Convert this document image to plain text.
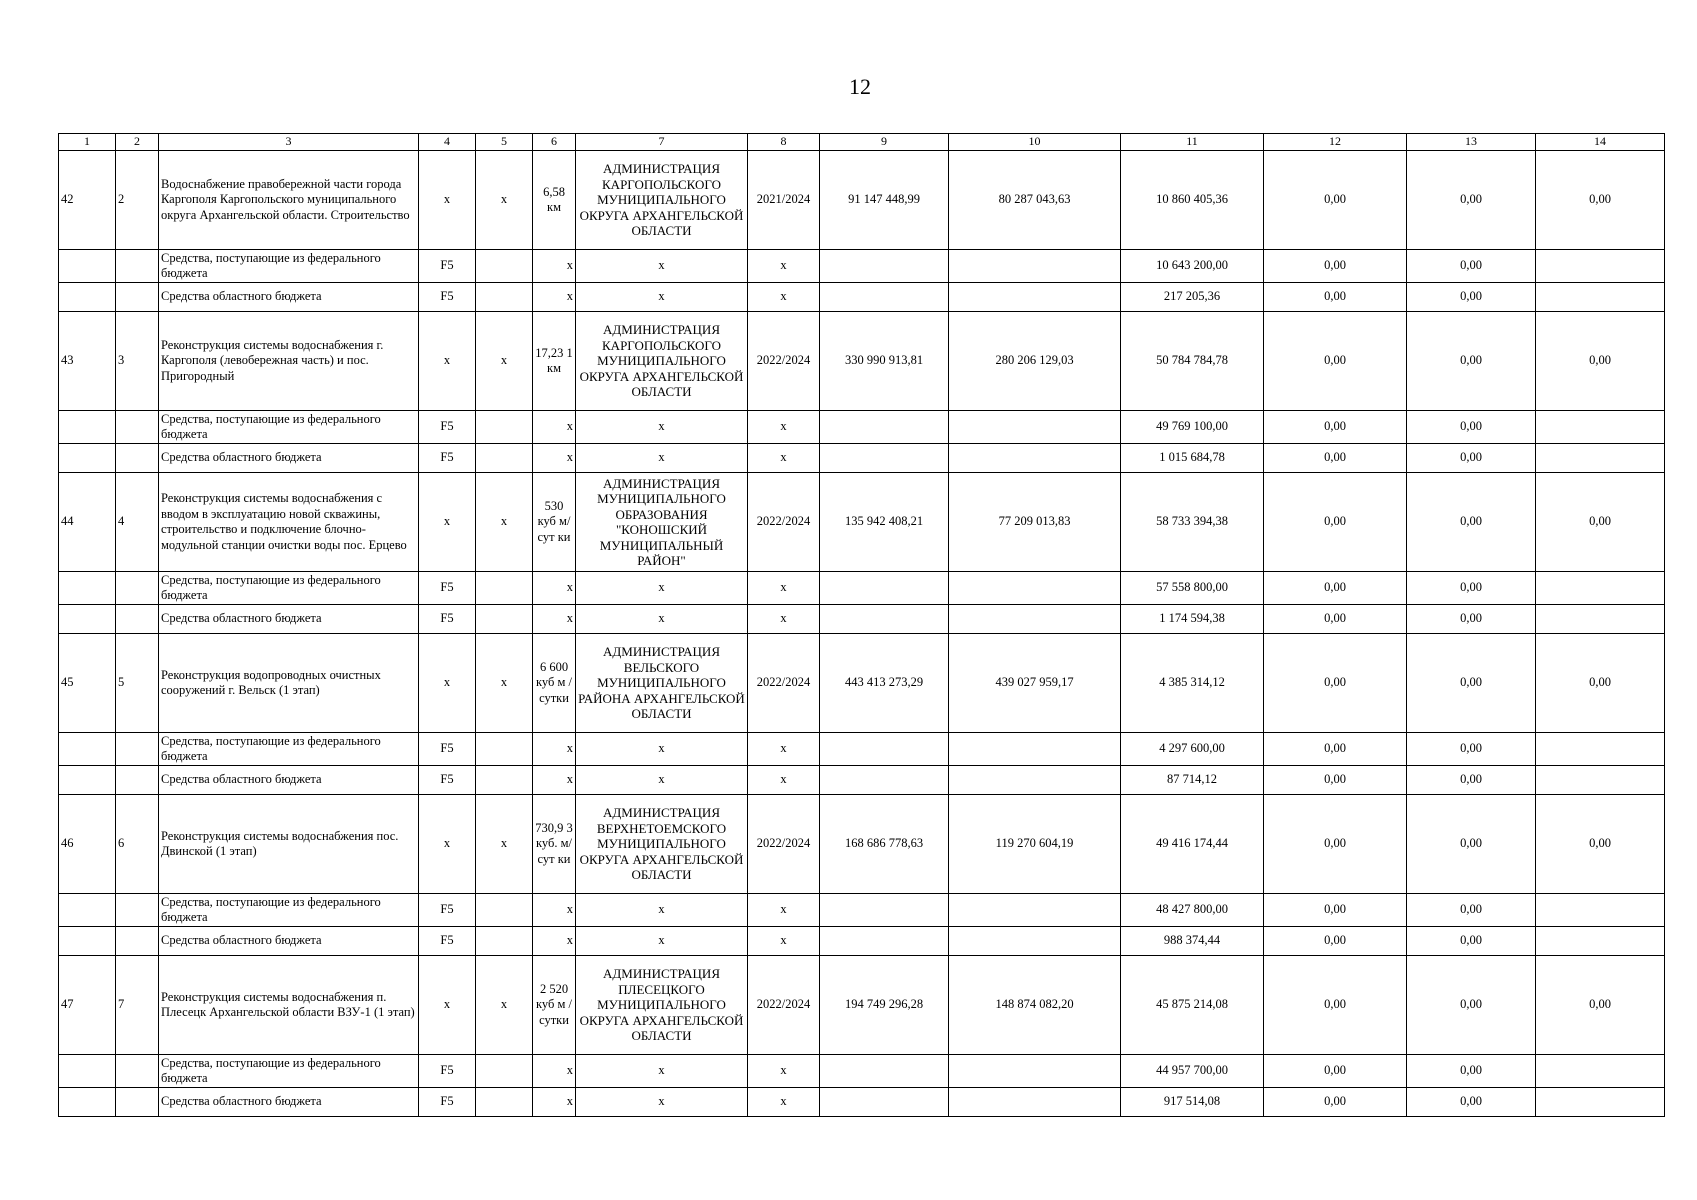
12
1	2	3	4	5	6	7	8	9	10	11	12	13	14
42	2	Водоснабжение правобережной части города Каргополя Каргопольского муниципального округа Архангельской области. Строительство	x	x	6,58 км	АДМИНИСТРАЦИЯ КАРГОПОЛЬСКОГО МУНИЦИПАЛЬНОГО ОКРУГА АРХАНГЕЛЬСКОЙ ОБЛАСТИ	2021/2024	91 147 448,99	80 287 043,63	10 860 405,36	0,00	0,00	0,00
		Средства, поступающие из федерального бюджета	F5		x	x	x			10 643 200,00	0,00	0,00	
		Средства областного бюджета	F5		x	x	x			217 205,36	0,00	0,00	
43	3	Реконструкция системы водоснабжения г. Каргополя (левобережная часть) и пос. Пригородный	x	x	17,23 1 км	АДМИНИСТРАЦИЯ КАРГОПОЛЬСКОГО МУНИЦИПАЛЬНОГО ОКРУГА АРХАНГЕЛЬСКОЙ ОБЛАСТИ	2022/2024	330 990 913,81	280 206 129,03	50 784 784,78	0,00	0,00	0,00
		Средства, поступающие из федерального бюджета	F5		x	x	x			49 769 100,00	0,00	0,00	
		Средства областного бюджета	F5		x	x	x			1 015 684,78	0,00	0,00	
44	4	Реконструкция системы водоснабжения с вводом в эксплуатацию новой скважины, строительство и подключение блочно-модульной станции очистки воды пос. Ерцево	x	x	530 куб м/сут ки	АДМИНИСТРАЦИЯ МУНИЦИПАЛЬНОГО ОБРАЗОВАНИЯ "КОНОШСКИЙ МУНИЦИПАЛЬНЫЙ РАЙОН"	2022/2024	135 942 408,21	77 209 013,83	58 733 394,38	0,00	0,00	0,00
		Средства, поступающие из федерального бюджета	F5		x	x	x			57 558 800,00	0,00	0,00	
		Средства областного бюджета	F5		x	x	x			1 174 594,38	0,00	0,00	
45	5	Реконструкция водопроводных очистных сооружений г. Вельск (1 этап)	x	x	6 600 куб м / сутки	АДМИНИСТРАЦИЯ ВЕЛЬСКОГО МУНИЦИПАЛЬНОГО РАЙОНА АРХАНГЕЛЬСКОЙ ОБЛАСТИ	2022/2024	443 413 273,29	439 027 959,17	4 385 314,12	0,00	0,00	0,00
		Средства, поступающие из федерального бюджета	F5		x	x	x			4 297 600,00	0,00	0,00	
		Средства областного бюджета	F5		x	x	x			87 714,12	0,00	0,00	
46	6	Реконструкция системы водоснабжения пос. Двинской (1 этап)	x	x	730,9 3 куб. м/сут ки	АДМИНИСТРАЦИЯ ВЕРХНЕТОЕМСКОГО МУНИЦИПАЛЬНОГО ОКРУГА АРХАНГЕЛЬСКОЙ ОБЛАСТИ	2022/2024	168 686 778,63	119 270 604,19	49 416 174,44	0,00	0,00	0,00
		Средства, поступающие из федерального бюджета	F5		x	x	x			48 427 800,00	0,00	0,00	
		Средства областного бюджета	F5		x	x	x			988 374,44	0,00	0,00	
47	7	Реконструкция системы водоснабжения п. Плесецк Архангельской области ВЗУ-1 (1 этап)	x	x	2 520 куб м / сутки	АДМИНИСТРАЦИЯ ПЛЕСЕЦКОГО МУНИЦИПАЛЬНОГО ОКРУГА АРХАНГЕЛЬСКОЙ ОБЛАСТИ	2022/2024	194 749 296,28	148 874 082,20	45 875 214,08	0,00	0,00	0,00
		Средства, поступающие из федерального бюджета	F5		x	x	x			44 957 700,00	0,00	0,00	
		Средства областного бюджета	F5		x	x	x			917 514,08	0,00	0,00	
